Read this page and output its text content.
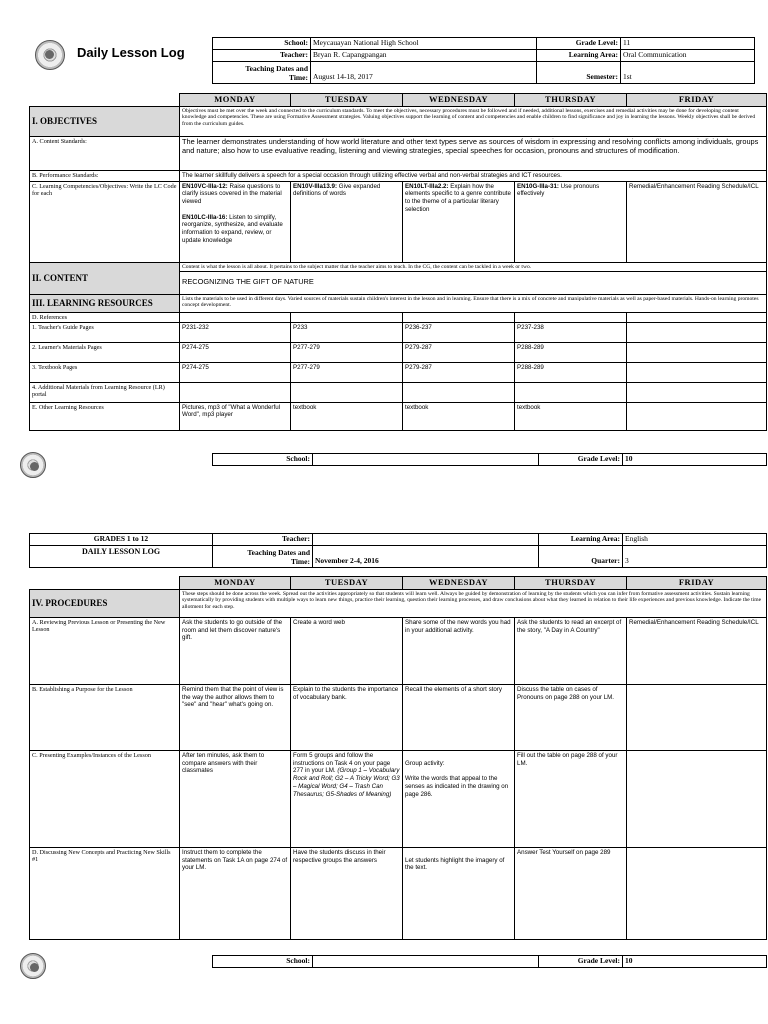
Daily Lesson Log
School:	Meycauayan National High School	Grade Level:	11
Teacher:	Bryan R. Capangpangan	Learning Area:	Oral Communication
Teaching Dates and
Time:	August 14-18, 2017	Semester:	1st
	MONDAY	TUESDAY	WEDNESDAY	THURSDAY	FRIDAY
I. OBJECTIVES	Objectives must be met over the week and connected to the curriculum standards. To meet the objectives, necessary procedures must be followed and if needed, additional lessons, exercises and remedial activities may be done for developing content knowledge and competencies. These are using Formative Assessment strategies. Valuing objectives support the learning of content and competencies and enable children to find significance and joy in learning the lessons. Weekly objectives shall be derived from the curriculum guides.				
A. Content Standards:	The learner demonstrates understanding of how world literature and other text types serve as sources of wisdom in expressing and resolving conflicts among individuals, groups and nature; also how to use evaluative reading, listening and viewing strategies, special speeches for occasion, pronouns and structures of modification.				
B. Performance Standards:	The learner skillfully delivers a speech for a special occasion through utilizing effective verbal and non-verbal strategies and ICT resources.				
C. Learning Competencies/Objectives: Write the LC Code for each	EN10VC-IIIa-12: Raise questions to clarify issues covered in the material viewed

EN10LC-IIIa-16: Listen to simplify, reorganize, synthesize, and evaluate information to expand, review, or update knowledge	EN10V-IIIa13.9: Give expanded definitions of words	EN10LT-IIIa2.2: Explain how the elements specific to a genre contribute to the theme of a particular literary selection	EN10G-IIIa-31: Use pronouns effectively	Remedial/Enhancement Reading Schedule/ICL
II. CONTENT	Content is what the lesson is all about. It pertains to the subject matter that the teacher aims to teach. In the CG, the content can be tackled in a week or two.
RECOGNIZING THE GIFT OF NATURE				

III. LEARNING RESOURCES	Lists the materials to be used in different days. Varied sources of materials sustain children's interest in the lesson and in learning. Ensure that there is a mix of concrete and manipulative materials as well as paper-based materials. Hands-on learning promotes concept development.				
D. References					
1. Teacher's Guide Pages	P231-232	P233	P236-237	P237-238	
2. Learner's Materials Pages	P274-275	P277-279	P279-287	P288-289	
3. Textbook Pages	P274-275	P277-279	P279-287	P288-289	
4. Additional Materials from Learning Resource (LR) portal					
E. Other Learning Resources	Pictures, mp3 of "What a Wonderful Word", mp3 player	textbook	textbook	textbook	
School:		Grade Level:	10
GRADES 1 to 12	Teacher:		Learning Area:	English
DAILY LESSON LOG	Teaching Dates and
Time:	November 2-4, 2016	Quarter:	3
	MONDAY	TUESDAY	WEDNESDAY	THURSDAY	FRIDAY
IV. PROCEDURES	These steps should be done across the week. Spread out the activities appropriately so that students will learn well. Always be guided by demonstration of learning by the students which you can infer from formative assessment activities. Sustain learning systematically by providing students with multiple ways to learn new things, practice their learning, question their learning processes, and draw conclusions about what they learned in relation to their life experiences and previous knowledge. Indicate the time allotment for each step.				
A. Reviewing Previous Lesson or Presenting the New Lesson	Ask the students to go outside of the room and let them discover nature's gift.	Create a word web	Share some of the new words you had in your additional activity.	Ask the students to read an excerpt of the story, "A Day in A Country"	Remedial/Enhancement Reading Schedule/ICL
B. Establishing a Purpose for the Lesson	Remind them that the point of view is the way the author allows them to "see" and "hear" what's going on.	Explain to the students the importance of vocabulary bank.	Recall the elements of a short story	Discuss the table on cases of Pronouns on page 288 on your LM.	
C. Presenting Examples/Instances of the Lesson	After ten minutes, ask them to compare answers with their classmates	Form 5 groups and follow the instructions on Task 4 on your page 277 in your LM. (Group 1 – Vocabulary Rock and Roll; G2 – A Tricky Word; G3 – Magical Word; G4 – Trash Can Thesaurus; G5-Shades of Meaning)	Group activity:

Write the words that appeal to the senses as indicated in the drawing on page 286.	Fill out the table on page 288 of your LM.	
D. Discussing New Concepts and Practicing New Skills #1	Instruct them to complete the statements on Task 1A on page 274 of your LM.	Have the students discuss in their respective groups the answers	Let students highlight the imagery of the text.	Answer Test Yourself on page 289	
School:		Grade Level:	10
